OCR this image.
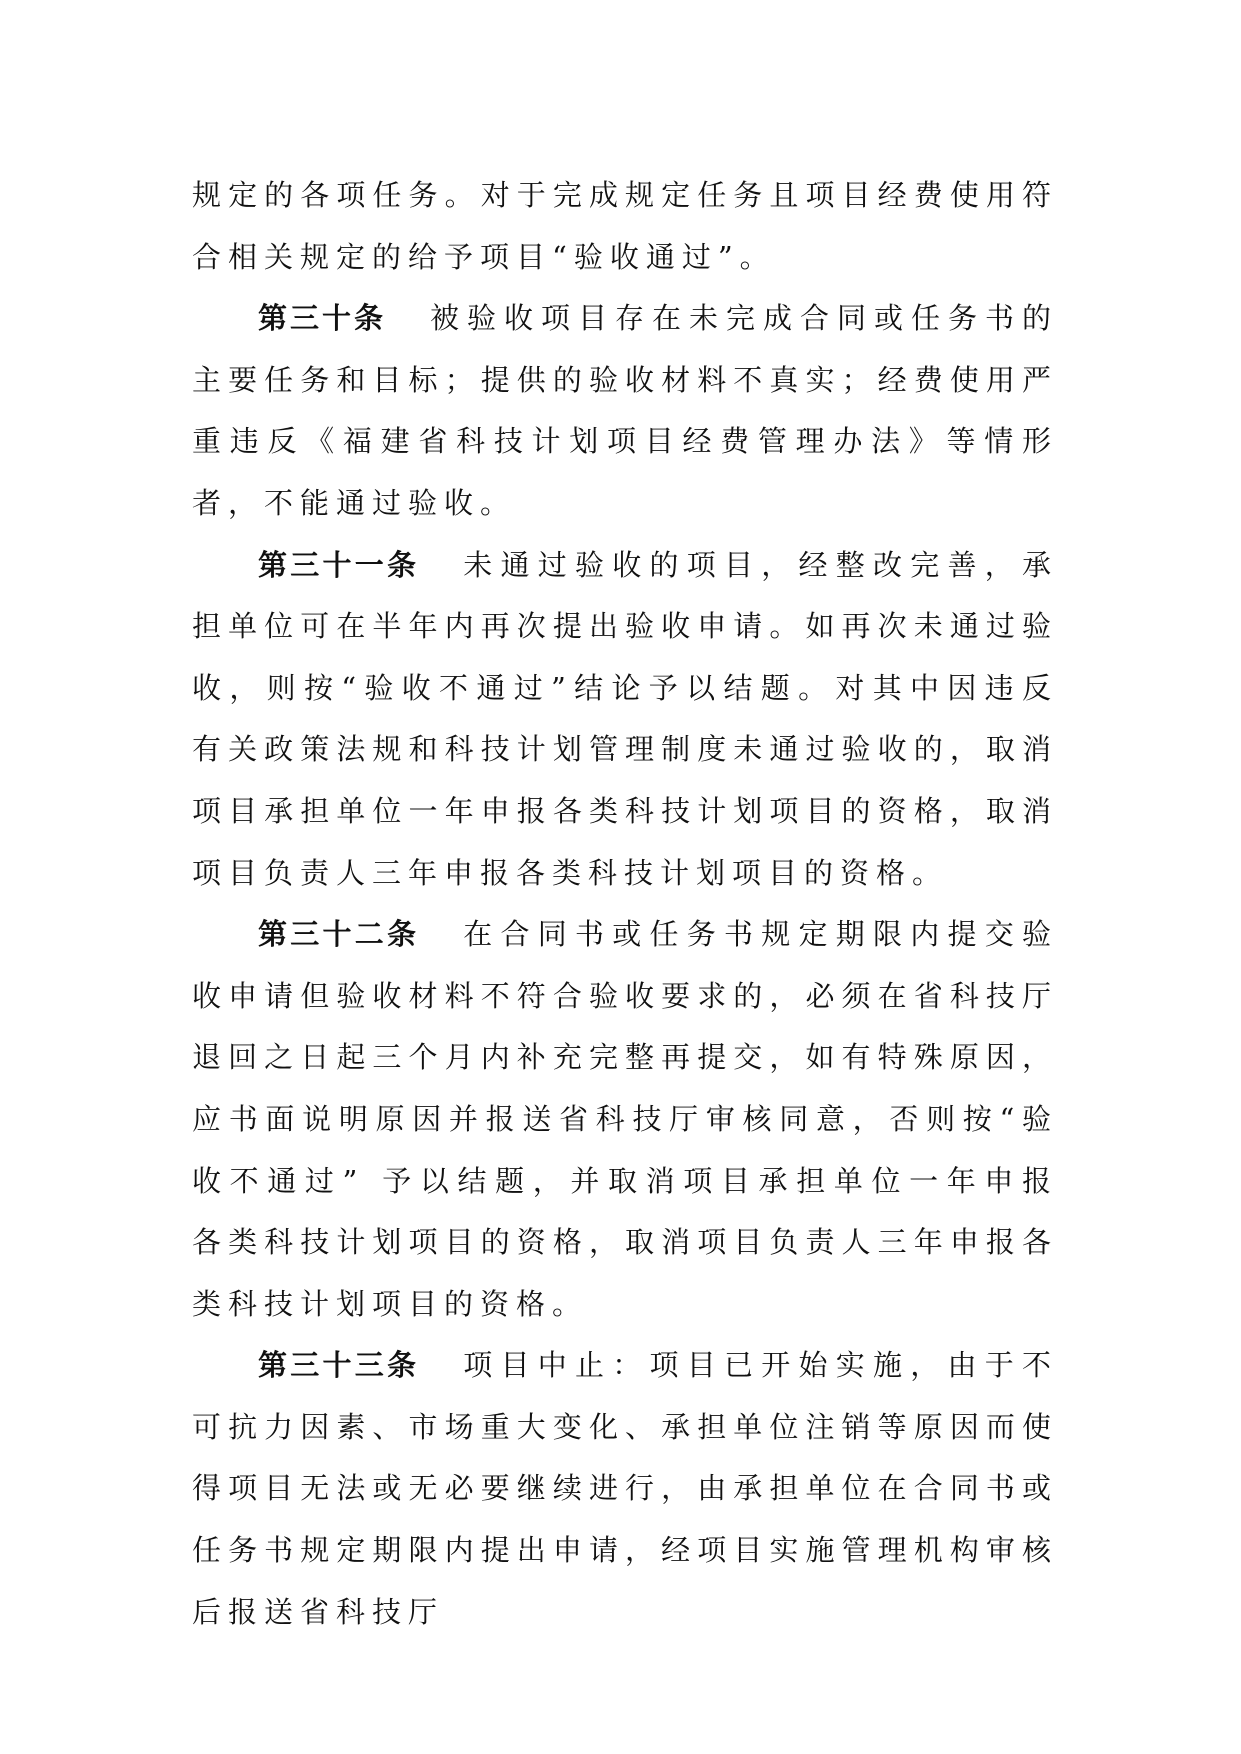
规定的各项任务。对于完成规定任务且项目经费使用符合相关规定的给予项目“验收通过”。

第三十条 被验收项目存在未完成合同或任务书的主要任务和目标；提供的验收材料不真实；经费使用严重违反《福建省科技计划项目经费管理办法》等情形者，不能通过验收。

第三十一条 未通过验收的项目，经整改完善，承担单位可在半年内再次提出验收申请。如再次未通过验收，则按“验收不通过”结论予以结题。对其中因违反有关政策法规和科技计划管理制度未通过验收的，取消项目承担单位一年申报各类科技计划项目的资格，取消项目负责人三年申报各类科技计划项目的资格。

第三十二条 在合同书或任务书规定期限内提交验收申请但验收材料不符合验收要求的，必须在省科技厅退回之日起三个月内补充完整再提交，如有特殊原因，应书面说明原因并报送省科技厅审核同意，否则按“验收不通过” 予以结题，并取消项目承担单位一年申报各类科技计划项目的资格，取消项目负责人三年申报各类科技计划项目的资格。

第三十三条 项目中止：项目已开始实施，由于不可抗力因素、市场重大变化、承担单位注销等原因而使得项目无法或无必要继续进行，由承担单位在合同书或任务书规定期限内提出申请，经项目实施管理机构审核后报送省科技厅
